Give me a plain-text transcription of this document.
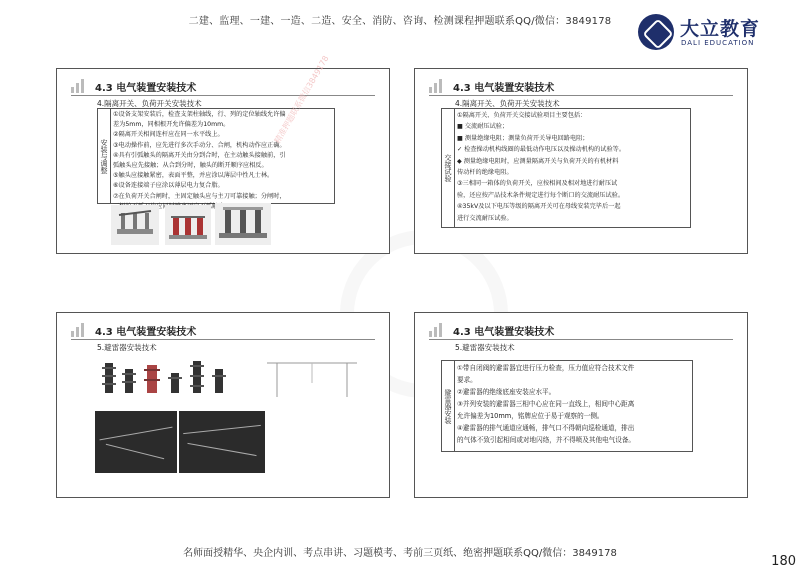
二建、监理、一建、一造、二造、安全、消防、咨询、检测课程押题联系QQ/微信：3849178	大立教育
DALI EDUCATION
4.3 电气装置安装技术
4.隔离开关、负荷开关安装技术
安装与调整
①设备支架安装后，检查支架柱轴线，行、列的定位轴线允许偏
差为5mm，同相根开允许偏差为10mm。
②隔离开关相间连杆应在同一水平线上。
③电动操作前，应先进行多次手动分、合闸，机构动作应正确。
④具有引弧触头的隔离开关由分到合时，在主动触头接触前，引
弧触头应先接触；从合到分时，触头的断开顺序应相反。
⑤触头应接触紧密，表面平整，并应涂以薄层中性凡士林。
⑥设备连接端子应涂以薄层电力复合脂。
⑦在负荷开关合闸时，主固定触头应与主刀可靠接触；分闸时，
4.3 电气装置安装技术
4.隔离开关、负荷开关安装技术
交接试验
①隔离开关、负荷开关交接试验项目主要包括：
■ 交流耐压试验；
■ 测量绝缘电阻；测量负荷开关导电回路电阻；
✓ 检查操动机构线圈的最低动作电压以及操动机构的试验等。
◆ 测量绝缘电阻时，应测量隔离开关与负荷开关的有机材料
传动杆的绝缘电阻。
③三相同一箱体的负荷开关，应按相间及相对地进行耐压试
验，还应按产品技术条件规定进行每个断口的交流耐压试验。
④35kV及以下电压等级的隔离开关可在母线安装完毕后一起
进行交流耐压试验。
4.3 电气装置安装技术
5.避雷器安装技术
4.3 电气装置安装技术
5.避雷器安装技术
避雷器安装
①带自闭阀的避雷器宜进行压力检查，压力值应符合技术文件
要求。
②避雷器的绝缘底座安装应水平。
③并列安装的避雷器三相中心应在同一直线上，相间中心距离
允许偏差为10mm，铭牌应位于易于观察的一侧。
④避雷器的排气通道应通畅，排气口不得朝向巡检通道，排出
的气体不致引起相间或对地闪络，并不得喷及其他电气设备。
精准押题联系微信3849178
名师面授精华、央企内训、考点串讲、习题模考、考前三页纸、绝密押题联系QQ/微信：3849178
180
